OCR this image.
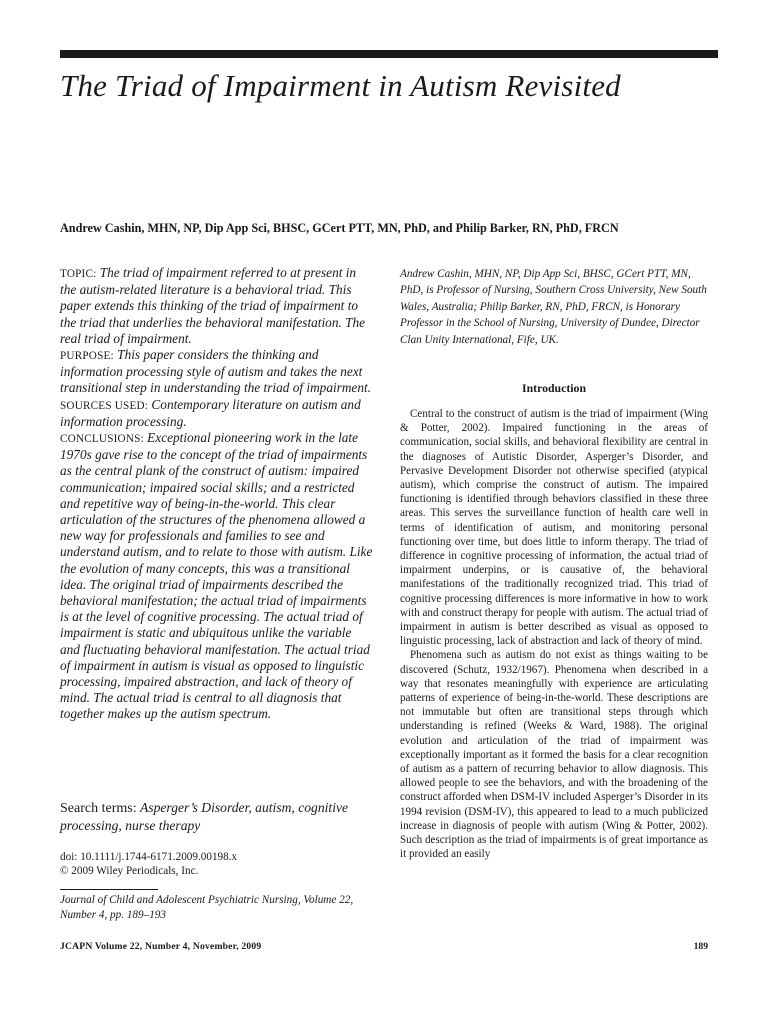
The Triad of Impairment in Autism Revisited

Andrew Cashin, MHN, NP, Dip App Sci, BHSC, GCert PTT, MN, PhD, and Philip Barker, RN, PhD, FRCN

TOPIC: The triad of impairment referred to at present in the autism-related literature is a behavioral triad. This paper extends this thinking of the triad of impairment to the triad that underlies the behavioral manifestation. The real triad of impairment.

PURPOSE: This paper considers the thinking and information processing style of autism and takes the next transitional step in understanding the triad of impairment.

SOURCES USED: Contemporary literature on autism and information processing.

CONCLUSIONS: Exceptional pioneering work in the late 1970s gave rise to the concept of the triad of impairments as the central plank of the construct of autism: impaired communication; impaired social skills; and a restricted and repetitive way of being-in-the-world. This clear articulation of the structures of the phenomena allowed a new way for professionals and families to see and understand autism, and to relate to those with autism. Like the evolution of many concepts, this was a transitional idea. The original triad of impairments described the behavioral manifestation; the actual triad of impairments is at the level of cognitive processing. The actual triad of impairment is static and ubiquitous unlike the variable and fluctuating behavioral manifestation. The actual triad of impairment in autism is visual as opposed to linguistic processing, impaired abstraction, and lack of theory of mind. The actual triad is central to all diagnosis that together makes up the autism spectrum.

Search terms: Asperger’s Disorder, autism, cognitive processing, nurse therapy
doi: 10.1111/j.1744-6171.2009.00198.x
© 2009 Wiley Periodicals, Inc.

Journal of Child and Adolescent Psychiatric Nursing, Volume 22, Number 4, pp. 189–193

Andrew Cashin, MHN, NP, Dip App Sci, BHSC, GCert PTT, MN, PhD, is Professor of Nursing, Southern Cross University, New South Wales, Australia; Philip Barker, RN, PhD, FRCN, is Honorary Professor in the School of Nursing, University of Dundee, Director Clan Unity International, Fife, UK.

Introduction

Central to the construct of autism is the triad of impairment (Wing & Potter, 2002). Impaired functioning in the areas of communication, social skills, and behavioral flexibility are central in the diagnoses of Autistic Disorder, Asperger’s Disorder, and Pervasive Development Disorder not otherwise specified (atypical autism), which comprise the construct of autism. The impaired functioning is identified through behaviors classified in these three areas. This serves the surveillance function of health care well in terms of identification of autism, and monitoring personal functioning over time, but does little to inform therapy. The triad of difference in cognitive processing of information, the actual triad of impairment underpins, or is causative of, the behavioral manifestations of the traditionally recognized triad. This triad of cognitive processing differences is more informative in how to work with and construct therapy for people with autism. The actual triad of impairment in autism is better described as visual as opposed to linguistic processing, lack of abstraction and lack of theory of mind.

Phenomena such as autism do not exist as things waiting to be discovered (Schutz, 1932/1967). Phenomena when described in a way that resonates meaningfully with experience are articulating patterns of experience of being-in-the-world. These descriptions are not immutable but often are transitional steps through which understanding is refined (Weeks & Ward, 1988). The original evolution and articulation of the triad of impairment was exceptionally important as it formed the basis for a clear recognition of autism as a pattern of recurring behavior to allow diagnosis. This allowed people to see the behaviors, and with the broadening of the construct afforded when DSM-IV included Asperger’s Disorder in its 1994 revision (DSM-IV), this appeared to lead to a much publicized increase in diagnosis of people with autism (Wing & Potter, 2002). Such description as the triad of impairments is of great importance as it provided an easily

JCAPN Volume 22, Number 4, November, 2009	189
